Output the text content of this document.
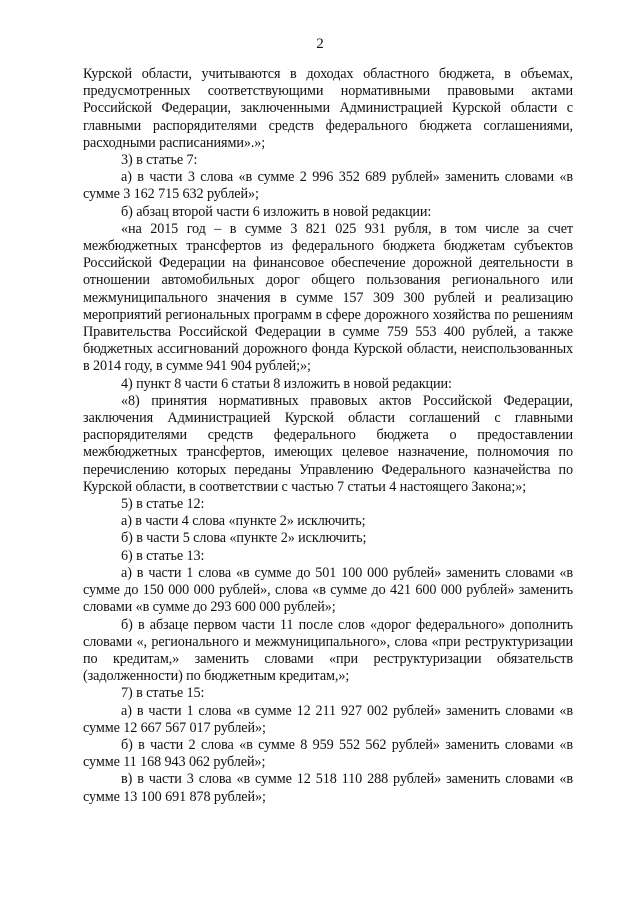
2

Курской области, учитываются в доходах областного бюджета, в объемах, предусмотренных соответствующими нормативными правовыми актами Российской Федерации, заключенными Администрацией Курской области с главными распорядителями средств федерального бюджета соглашениями, расходными расписаниями».»;

3) в статье 7:

а) в части 3 слова «в сумме 2 996 352 689 рублей» заменить словами «в сумме 3 162 715 632 рублей»;

б) абзац второй части 6 изложить в новой редакции:

«на 2015 год – в сумме 3 821 025 931 рубля, в том числе за счет межбюджетных трансфертов из федерального бюджета бюджетам субъектов Российской Федерации на финансовое обеспечение дорожной деятельности в отношении автомобильных дорог общего пользования регионального или межмуниципального значения в сумме 157 309 300 рублей и реализацию мероприятий региональных программ в сфере дорожного хозяйства по решениям Правительства Российской Федерации в сумме 759 553 400 рублей, а также бюджетных ассигнований дорожного фонда Курской области, неиспользованных в 2014 году, в сумме 941 904 рублей;»;

4) пункт 8 части 6 статьи 8 изложить в новой редакции:

«8) принятия нормативных правовых актов Российской Федерации, заключения Администрацией Курской области соглашений с главными распорядителями средств федерального бюджета о предоставлении межбюджетных трансфертов, имеющих целевое назначение, полномочия по перечислению которых переданы Управлению Федерального казначейства по Курской области, в соответствии с частью 7 статьи 4 настоящего Закона;»;

5) в статье 12:

а) в части 4 слова «пункте 2» исключить;

б) в части 5 слова «пункте 2» исключить;

6) в статье 13:

а) в части 1 слова «в сумме до 501 100 000 рублей» заменить словами «в сумме до 150 000 000 рублей», слова «в сумме до 421 600 000 рублей» заменить словами «в сумме до 293 600 000 рублей»;

б) в абзаце первом части 11 после слов «дорог федерального» дополнить словами «, регионального и межмуниципального», слова «при реструктуризации по кредитам,» заменить словами «при реструктуризации обязательств (задолженности) по бюджетным кредитам,»;

7) в статье 15:

а) в части 1 слова «в сумме 12 211 927 002 рублей» заменить словами «в сумме 12 667 567 017 рублей»;

б) в части 2 слова «в сумме 8 959 552 562 рублей» заменить словами «в сумме 11 168 943 062 рублей»;

в) в части 3 слова «в сумме 12 518 110 288 рублей» заменить словами «в сумме 13 100 691 878 рублей»;
